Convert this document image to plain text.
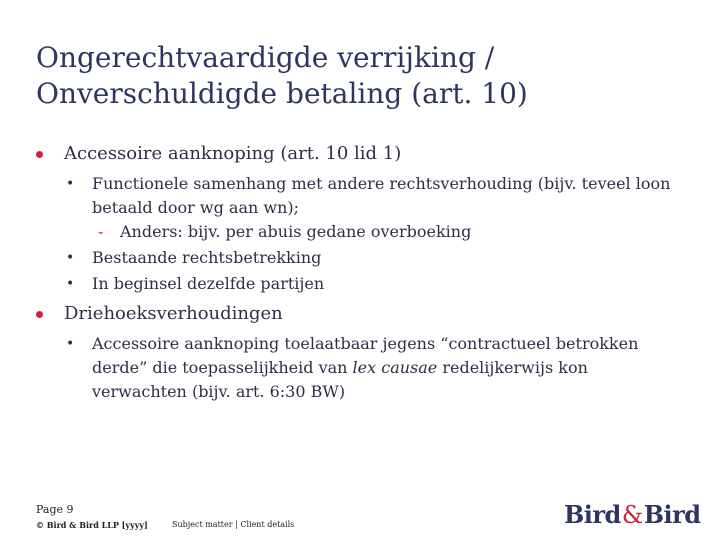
Ongerechtvaardigde verrijking /
Onverschuldigde betaling (art. 10)
Accessoire aanknoping (art. 10 lid 1)
• Functionele samenhang met andere rechtsverhouding (bijv. teveel loon betaald door wg aan wn);
- Anders: bijv. per abuis gedane overboeking
• Bestaande rechtsbetrekking
• In beginsel dezelfde partijen
Driehoeksverhoudingen
• Accessoire aanknoping toelaatbaar jegens “contractueel betrokken derde” die toepasselijkheid van lex causae redelijkerwijs kon verwachten (bijv. art. 6:30 BW)
Page 9
© Bird & Bird LLP [yyyy]	Subject matter | Client details	Bird&Bird
